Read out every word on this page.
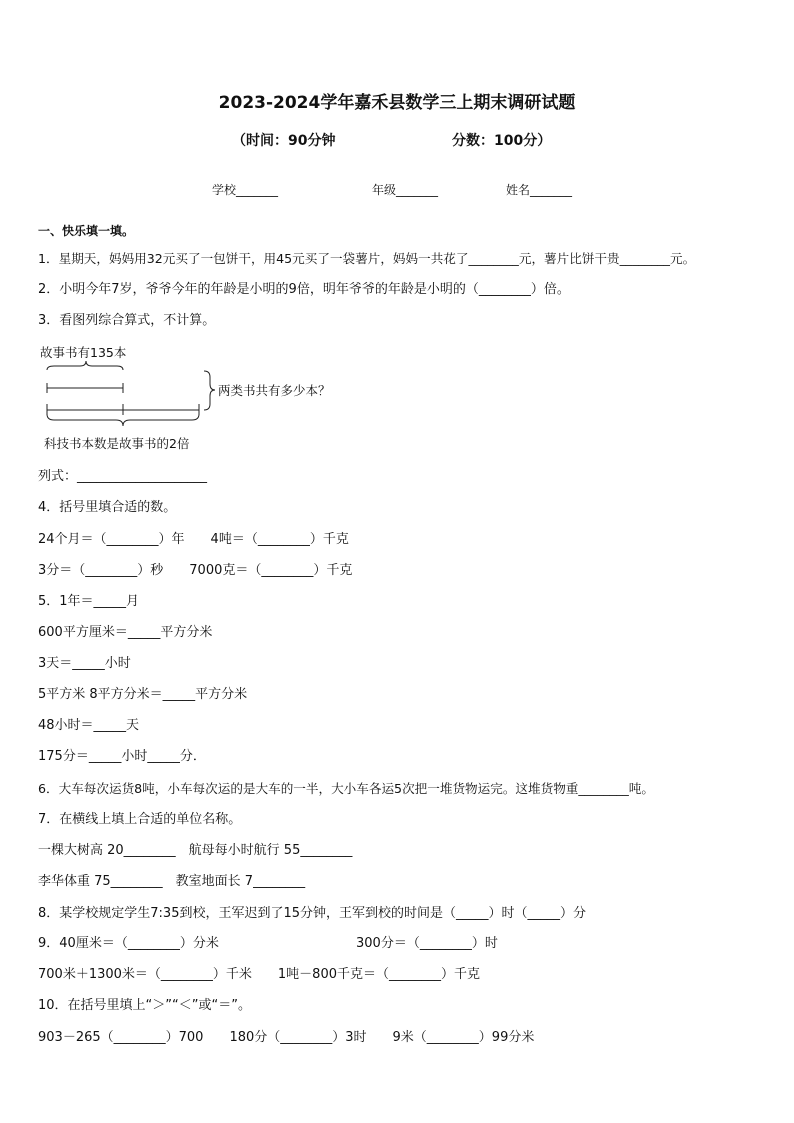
2023-2024学年嘉禾县数学三上期末调研试题
（时间：90分钟	分数：100分）
学校_______	年级_______	姓名_______
一、快乐填一填。
1．星期天，妈妈用32元买了一包饼干，用45元买了一袋薯片，妈妈一共花了________元，薯片比饼干贵________元。
2．小明今年7岁，爷爷今年的年龄是小明的9倍，明年爷爷的年龄是小明的（________）倍。
3．看图列综合算式，不计算。
故事书有135本
两类书共有多少本？
科技书本数是故事书的2倍
列式：____________________
4．括号里填合适的数。
24个月＝（________）年　　4吨＝（________）千克
3分＝（________）秒　　7000克＝（________）千克
5．1年＝_____月
600平方厘米＝_____平方分米
3天＝_____小时
5平方米 8平方分米＝_____平方分米
48小时＝_____天
175分＝_____小时_____分．
6．大车每次运货8吨，小车每次运的是大车的一半，大小车各运5次把一堆货物运完。这堆货物重________吨。
7．在横线上填上合适的单位名称。
一棵大树高 20________　航母每小时航行 55________
李华体重 75________　教室地面长 7________
8．某学校规定学生7:35到校，王军迟到了15分钟，王军到校的时间是（_____）时（_____）分
9．40厘米＝（________）分米	300分＝（________）时
700米＋1300米＝（________）千米　　1吨－800千克＝（________）千克
10．在括号里填上“＞”“＜”或“＝”。
903－265（________）700　　180分（________）3时　　9米（________）99分米
